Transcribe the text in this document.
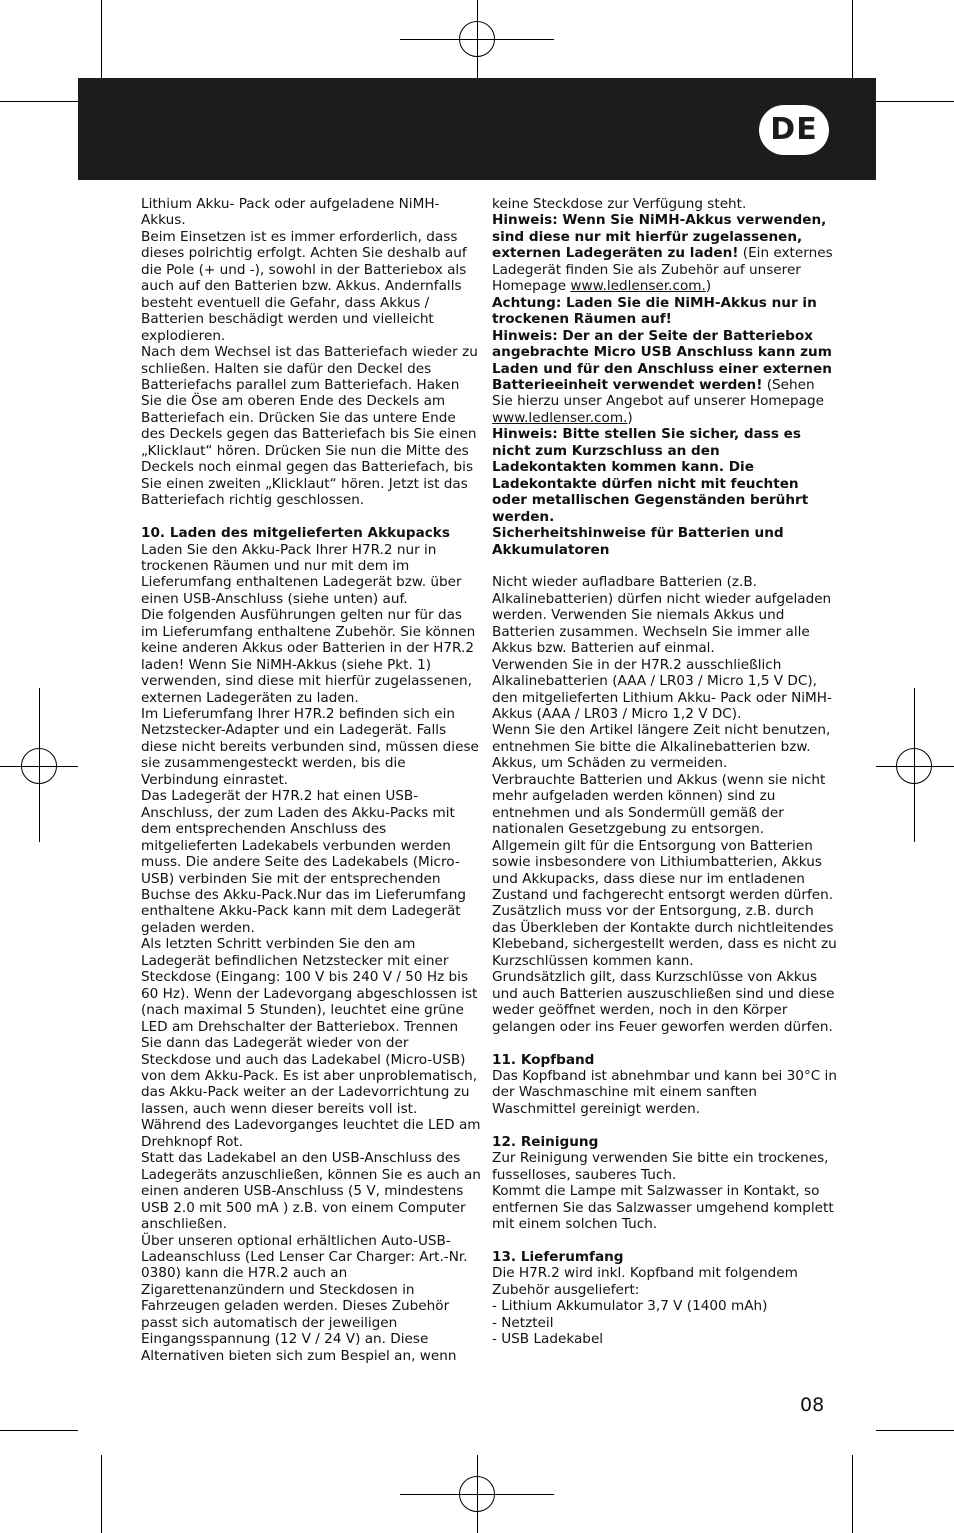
DE

Lithium Akku- Pack oder aufgeladene NiMH-Akkus.

Beim Einsetzen ist es immer erforderlich, dass dieses polrichtig erfolgt. Achten Sie deshalb auf die Pole (+ und -), sowohl in der Batteriebox als auch auf den Batterien bzw. Akkus. Andernfalls besteht eventuell die Gefahr, dass Akkus / Batterien beschädigt werden und vielleicht explodieren.

Nach dem Wechsel ist das Batteriefach wieder zu schließen. Halten sie dafür den Deckel des Batteriefachs parallel zum Batteriefach. Haken Sie die Öse am oberen Ende des Deckels am Batteriefach ein. Drücken Sie das untere Ende des Deckels gegen das Batteriefach bis Sie einen „Klicklaut“ hören. Drücken Sie nun die Mitte des Deckels noch einmal gegen das Batteriefach, bis Sie einen zweiten „Klicklaut“ hören. Jetzt ist das Batteriefach richtig geschlossen.

10. Laden des mitgelieferten Akkupacks

Laden Sie den Akku-Pack Ihrer H7R.2 nur in trockenen Räumen und nur mit dem im Lieferumfang enthaltenen Ladegerät bzw. über einen USB-Anschluss (siehe unten) auf.

Die folgenden Ausführungen gelten nur für das im Lieferumfang enthaltene Zubehör. Sie können keine anderen Akkus oder Batterien in der H7R.2 laden! Wenn Sie NiMH-Akkus (siehe Pkt. 1) verwenden, sind diese mit hierfür zugelassenen, externen Ladegeräten zu laden.

Im Lieferumfang Ihrer H7R.2 befinden sich ein Netzstecker-Adapter und ein Ladegerät. Falls diese nicht bereits verbunden sind, müssen diese sie zusammengesteckt werden, bis die Verbindung einrastet.

Das Ladegerät der H7R.2 hat einen USB-Anschluss, der zum Laden des Akku-Packs mit dem entsprechenden Anschluss des mitgelieferten Ladekabels verbunden werden muss. Die andere Seite des Ladekabels (Micro-USB) verbinden Sie mit der entsprechenden Buchse des Akku-Pack.Nur das im Lieferumfang enthaltene Akku-Pack kann mit dem Ladegerät geladen werden.

Als letzten Schritt verbinden Sie den am Ladegerät befindlichen Netzstecker mit einer Steckdose (Eingang: 100 V bis 240 V / 50 Hz bis 60 Hz). Wenn der Ladevorgang abgeschlossen ist (nach maximal 5 Stunden), leuchtet eine grüne LED am Drehschalter der Batteriebox. Trennen Sie dann das Ladegerät wieder von der Steckdose und auch das Ladekabel (Micro-USB) von dem Akku-Pack. Es ist aber unproblematisch, das Akku-Pack weiter an der Ladevorrichtung zu lassen, auch wenn dieser bereits voll ist. Während des Ladevorganges leuchtet die LED am Drehknopf Rot.

Statt das Ladekabel an den USB-Anschluss des Ladegeräts anzuschließen, können Sie es auch an einen anderen USB-Anschluss (5 V, mindestens USB 2.0 mit 500 mA ) z.B. von einem Computer anschließen.

Über unseren optional erhältlichen Auto-USB-Ladeanschluss (Led Lenser Car Charger: Art.-Nr. 0380) kann die H7R.2 auch an Zigarettenanzündern und Steckdosen in Fahrzeugen geladen werden. Dieses Zubehör passt sich automatisch der jeweiligen Eingangsspannung (12 V / 24 V) an. Diese Alternativen bieten sich zum Bespiel an, wenn

keine Steckdose zur Verfügung steht.

Hinweis: Wenn Sie NiMH-Akkus verwenden, sind diese nur mit hierfür zugelassenen, externen Ladegeräten zu laden! (Ein externes Ladegerät finden Sie als Zubehör auf unserer Homepage www.ledlenser.com.)

Achtung: Laden Sie die NiMH-Akkus nur in trockenen Räumen auf!

Hinweis: Der an der Seite der Batteriebox angebrachte Micro USB Anschluss kann zum Laden und für den Anschluss einer externen Batterieeinheit verwendet werden! (Sehen Sie hierzu unser Angebot auf unserer Homepage www.ledlenser.com.)

Hinweis: Bitte stellen Sie sicher, dass es nicht zum Kurzschluss an den Ladekontakten kommen kann. Die Ladekontakte dürfen nicht mit feuchten oder metallischen Gegenständen berührt werden.

Sicherheitshinweise für Batterien und Akkumulatoren

Nicht wieder aufladbare Batterien (z.B. Alkalinebatterien) dürfen nicht wieder aufgeladen werden. Verwenden Sie niemals Akkus und Batterien zusammen. Wechseln Sie immer alle Akkus bzw. Batterien auf einmal.

Verwenden Sie in der H7R.2 ausschließlich Alkalinebatterien (AAA / LR03 / Micro 1,5 V DC), den mitgelieferten Lithium Akku- Pack oder NiMH-Akkus (AAA / LR03 / Micro 1,2 V DC).

Wenn Sie den Artikel längere Zeit nicht benutzen, entnehmen Sie bitte die Alkalinebatterien bzw. Akkus, um Schäden zu vermeiden.

Verbrauchte Batterien und Akkus (wenn sie nicht mehr aufgeladen werden können) sind zu entnehmen und als Sondermüll gemäß der nationalen Gesetzgebung zu entsorgen.

Allgemein gilt für die Entsorgung von Batterien sowie insbesondere von Lithiumbatterien, Akkus und Akkupacks, dass diese nur im entladenen Zustand und fachgerecht entsorgt werden dürfen. Zusätzlich muss vor der Entsorgung, z.B. durch das Überkleben der Kontakte durch nichtleitendes Klebeband, sichergestellt werden, dass es nicht zu Kurzschlüssen kommen kann.

Grundsätzlich gilt, dass Kurzschlüsse von Akkus und auch Batterien auszuschließen sind und diese weder geöffnet werden, noch in den Körper gelangen oder ins Feuer geworfen werden dürfen.

11. Kopfband

Das Kopfband ist abnehmbar und kann bei 30°C in der Waschmaschine mit einem sanften Waschmittel gereinigt werden.

12. Reinigung

Zur Reinigung verwenden Sie bitte ein trockenes, fusselloses, sauberes Tuch.

Kommt die Lampe mit Salzwasser in Kontakt, so entfernen Sie das Salzwasser umgehend komplett mit einem solchen Tuch.

13. Lieferumfang

Die H7R.2 wird inkl. Kopfband mit folgendem Zubehör ausgeliefert:

- Lithium Akkumulator 3,7 V (1400 mAh)

- Netzteil

- USB Ladekabel

08
